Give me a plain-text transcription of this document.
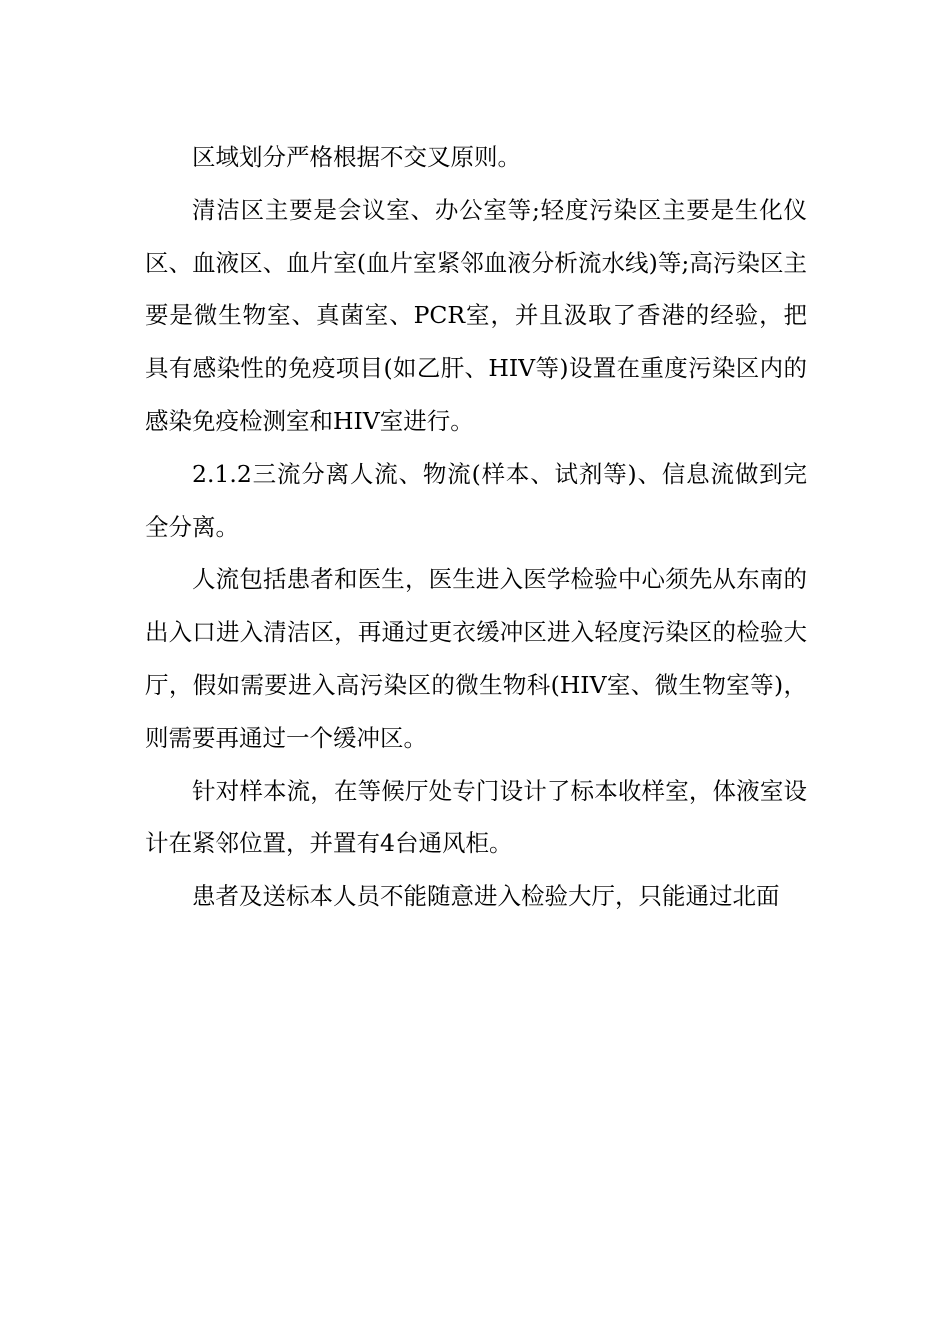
区域划分严格根据不交叉原则。

清洁区主要是会议室、办公室等;轻度污染区主要是生化仪区、血液区、血片室(血片室紧邻血液分析流水线)等;高污染区主要是微生物室、真菌室、PCR室，并且汲取了香港的经验，把具有感染性的免疫项目(如乙肝、HIV等)设置在重度污染区内的感染免疫检测室和HIV室进行。

2.1.2三流分离人流、物流(样本、试剂等)、信息流做到完全分离。

人流包括患者和医生，医生进入医学检验中心须先从东南的出入口进入清洁区，再通过更衣缓冲区进入轻度污染区的检验大厅，假如需要进入高污染区的微生物科(HIV室、微生物室等)，则需要再通过一个缓冲区。

针对样本流，在等候厅处专门设计了标本收样室，体液室设计在紧邻位置，并置有4台通风柜。

患者及送标本人员不能随意进入检验大厅，只能通过北面
